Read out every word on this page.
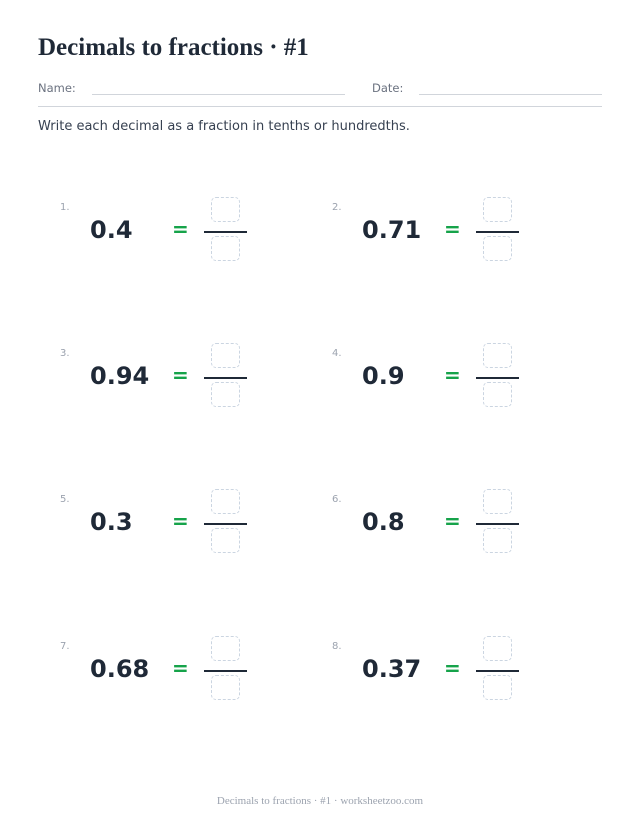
Decimals to fractions · #1
Name:	Date:
Write each decimal as a fraction in tenths or hundredths.
1.
0.4 =
2.
0.71 =
3.
0.94 =
4.
0.9 =
5.
0.3 =
6.
0.8 =
7.
0.68 =
8.
0.37 =
Decimals to fractions · #1 · worksheetzoo.com
